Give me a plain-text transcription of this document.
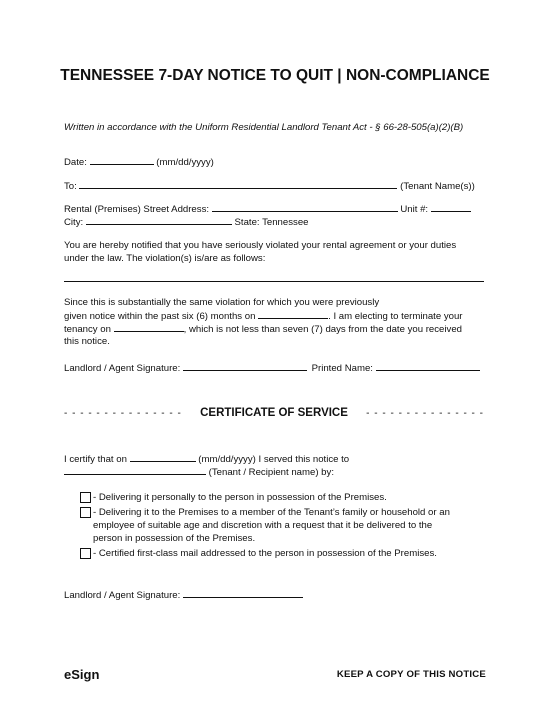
TENNESSEE 7-DAY NOTICE TO QUIT | NON-COMPLIANCE
Written in accordance with the Uniform Residential Landlord Tenant Act - § 66-28-505(a)(2)(B)
Date:	(mm/dd/yyyy)
To:	(Tenant Name(s))
Rental (Premises) Street Address:	Unit #:
City:	State: Tennessee
You are hereby notified that you have seriously violated your rental agreement or your duties
under the law. The violation(s) is/are as follows:
Since this is substantially the same violation for which you were previously
given notice within the past six (6) months on	. I am electing to terminate your
tenancy on	, which is not less than seven (7) days from the date you received
this notice.
Landlord / Agent Signature:	Printed Name:
- - - - - - - - - - - - - - - CERTIFICATE OF SERVICE - - - - - - - - - - - - - - -
I certify that on	(mm/dd/yyyy) I served this notice to
(Tenant / Recipient name) by:
- Delivering it personally to the person in possession of the Premises.
- Delivering it to the Premises to a member of the Tenant’s family or household or an
employee of suitable age and discretion with a request that it be delivered to the
person in possession of the Premises.
- Certified first-class mail addressed to the person in possession of the Premises.
Landlord / Agent Signature:
eSign	KEEP A COPY OF THIS NOTICE
